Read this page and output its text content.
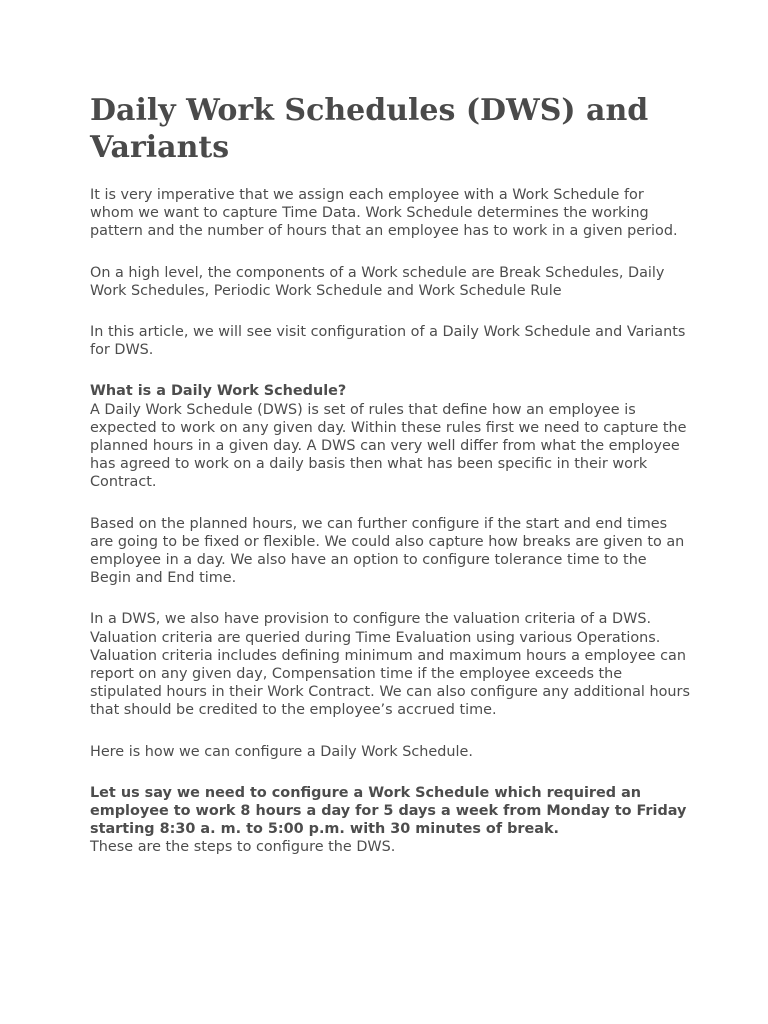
Daily Work Schedules (DWS) and Variants

It is very imperative that we assign each employee with a Work Schedule for whom we want to capture Time Data. Work Schedule determines the working pattern and the number of hours that an employee has to work in a given period.

On a high level, the components of a Work schedule are Break Schedules, Daily Work Schedules, Periodic Work Schedule and Work Schedule Rule

In this article, we will see visit configuration of a Daily Work Schedule and Variants for DWS.

What is a Daily Work Schedule?
A Daily Work Schedule (DWS) is set of rules that define how an employee is expected to work on any given day. Within these rules first we need to capture the planned hours in a given day. A DWS can very well differ from what the employee has agreed to work on a daily basis then what has been specific in their work Contract.

Based on the planned hours, we can further configure if the start and end times are going to be fixed or flexible. We could also capture how breaks are given to an employee in a day. We also have an option to configure tolerance time to the Begin and End time.

In a DWS, we also have provision to configure the valuation criteria of a DWS. Valuation criteria are queried during Time Evaluation using various Operations. Valuation criteria includes defining minimum and maximum hours a employee can report on any given day, Compensation time if the employee exceeds the stipulated hours in their Work Contract. We can also configure any additional hours that should be credited to the employee’s accrued time.

Here is how we can configure a Daily Work Schedule.

Let us say we need to configure a Work Schedule which required an employee to work 8 hours a day for 5 days a week from Monday to Friday starting 8:30 a. m. to 5:00 p.m. with 30 minutes of break.
These are the steps to configure the DWS.
